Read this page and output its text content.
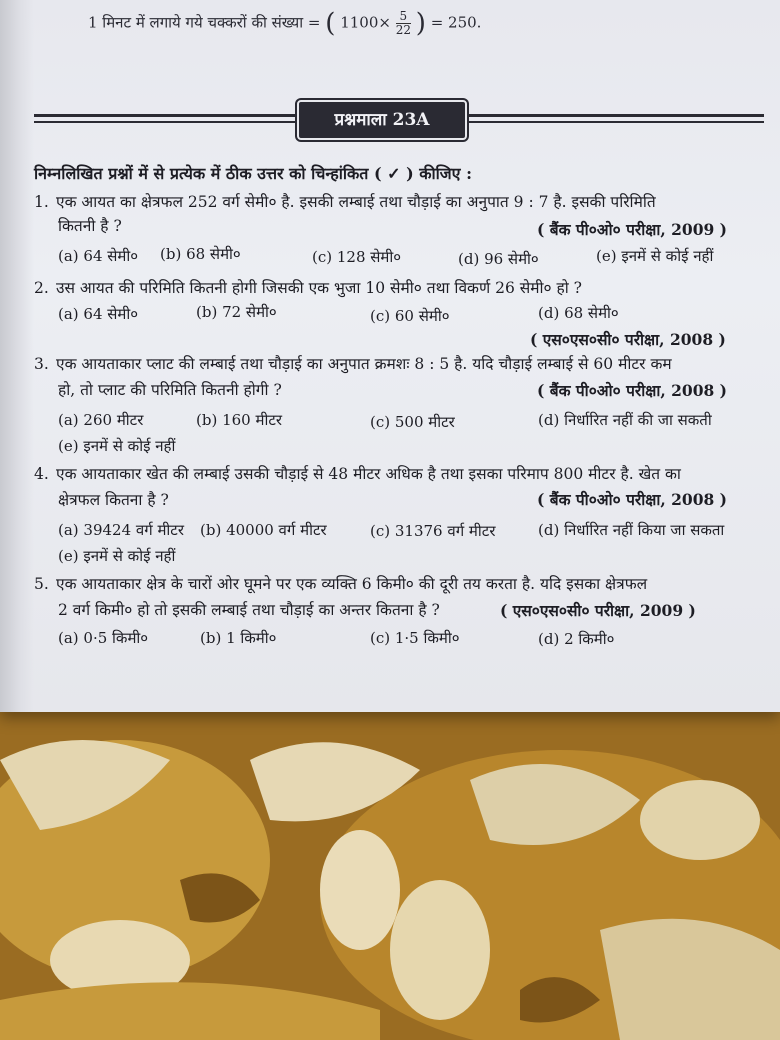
1 मिनट में लगाये गये चक्करों की संख्या = ( $1100\times \frac{5}{22}$ ) = 250.
प्रश्नमाला 23A
निम्नलिखित प्रश्नों में से प्रत्येक में ठीक उत्तर को चिन्हांकित ( ✓ ) कीजिए :
1. एक आयत का क्षेत्रफल 252 वर्ग सेमी० है. इसकी लम्बाई तथा चौड़ाई का अनुपात 9 : 7 है. इसकी परिमिति
कितनी है ?	( बैंक पी०ओ० परीक्षा, 2009 )
(a) 64 सेमी० (b) 68 सेमी०	(c) 128 सेमी०	(d) 96 सेमी०	(e) इनमें से कोई नहीं
2. उस आयत की परिमिति कितनी होगी जिसकी एक भुजा 10 सेमी० तथा विकर्ण 26 सेमी० हो ?
(a) 64 सेमी०	(b) 72 सेमी०	(c) 60 सेमी०	(d) 68 सेमी०
( एस०एस०सी० परीक्षा, 2008 )
3. एक आयताकार प्लाट की लम्बाई तथा चौड़ाई का अनुपात क्रमशः 8 : 5 है. यदि चौड़ाई लम्बाई से 60 मीटर कम
हो, तो प्लाट की परिमिति कितनी होगी ?	( बैंक पी०ओ० परीक्षा, 2008 )
(a) 260 मीटर	(b) 160 मीटर	(c) 500 मीटर	(d) निर्धारित नहीं की जा सकती
(e) इनमें से कोई नहीं
4. एक आयताकार खेत की लम्बाई उसकी चौड़ाई से 48 मीटर अधिक है तथा इसका परिमाप 800 मीटर है. खेत का
क्षेत्रफल कितना है ?	( बैंक पी०ओ० परीक्षा, 2008 )
(a) 39424 वर्ग मीटर (b) 40000 वर्ग मीटर	(c) 31376 वर्ग मीटर	(d) निर्धारित नहीं किया जा सकता
(e) इनमें से कोई नहीं
5. एक आयताकार क्षेत्र के चारों ओर घूमने पर एक व्यक्ति 6 किमी० की दूरी तय करता है. यदि इसका क्षेत्रफल
2 वर्ग किमी० हो तो इसकी लम्बाई तथा चौड़ाई का अन्तर कितना है ?	( एस०एस०सी० परीक्षा, 2009 )
(a) 0·5 किमी०	(b) 1 किमी०	(c) 1·5 किमी०	(d) 2 किमी०
